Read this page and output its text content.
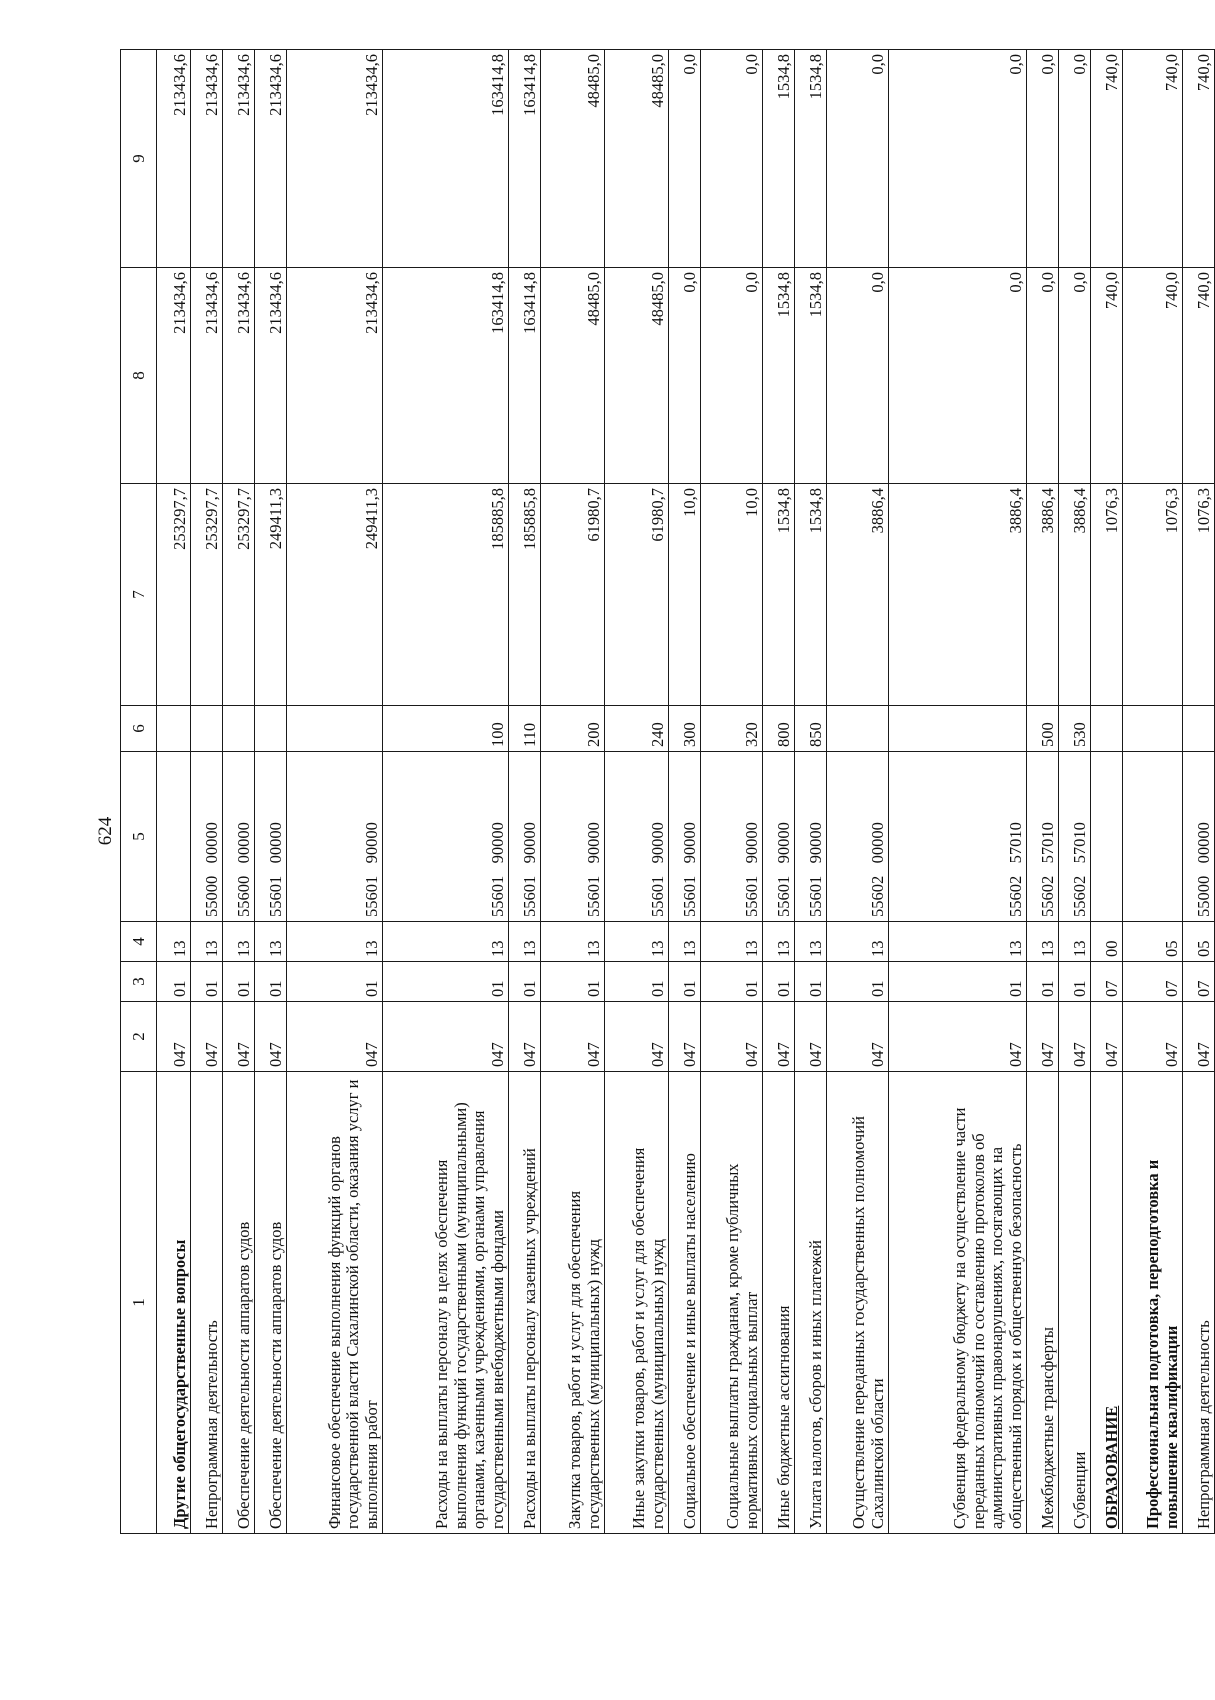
624
1	2	3	4	5	6	7	8	9
Другие общегосударственные вопросы	047	01	13			253297,7	213434,6	213434,6
Непрограммная деятельность	047	01	13	55000   00000		253297,7	213434,6	213434,6
Обеспечение деятельности аппаратов судов	047	01	13	55600   00000		253297,7	213434,6	213434,6
Обеспечение деятельности аппаратов судов	047	01	13	55601   00000		249411,3	213434,6	213434,6
Финансовое обеспечение выполнения функций органов государственной власти Сахалинской области, оказания услуг и выполнения работ	047	01	13	55601   90000		249411,3	213434,6	213434,6
Расходы на выплаты персоналу в целях обеспечения выполнения функций государственными (муниципальными) органами, казенными учреждениями, органами управления государственными внебюджетными фондами	047	01	13	55601   90000	100	185885,8	163414,8	163414,8
Расходы на выплаты персоналу казенных учреждений	047	01	13	55601   90000	110	185885,8	163414,8	163414,8
Закупка товаров, работ и услуг для обеспечения государственных (муниципальных) нужд	047	01	13	55601   90000	200	61980,7	48485,0	48485,0
Иные закупки товаров, работ и услуг для обеспечения государственных (муниципальных) нужд	047	01	13	55601   90000	240	61980,7	48485,0	48485,0
Социальное обеспечение и иные выплаты населению	047	01	13	55601   90000	300	10,0	0,0	0,0
Социальные выплаты гражданам, кроме публичных нормативных социальных выплат	047	01	13	55601   90000	320	10,0	0,0	0,0
Иные бюджетные ассигнования	047	01	13	55601   90000	800	1534,8	1534,8	1534,8
Уплата налогов, сборов и иных платежей	047	01	13	55601   90000	850	1534,8	1534,8	1534,8
Осуществление переданных государственных полномочий Сахалинской области	047	01	13	55602   00000		3886,4	0,0	0,0
Субвенция федеральному бюджету на осуществление части переданных полномочий по составлению протоколов об административных правонарушениях, посягающих на общественный порядок и общественную безопасность	047	01	13	55602   57010		3886,4	0,0	0,0
Межбюджетные трансферты	047	01	13	55602   57010	500	3886,4	0,0	0,0
Субвенции	047	01	13	55602   57010	530	3886,4	0,0	0,0
ОБРАЗОВАНИЕ	047	07	00			1076,3	740,0	740,0
Профессиональная подготовка, переподготовка и повышение квалификации	047	07	05			1076,3	740,0	740,0
Непрограммная деятельность	047	07	05	55000   00000		1076,3	740,0	740,0
